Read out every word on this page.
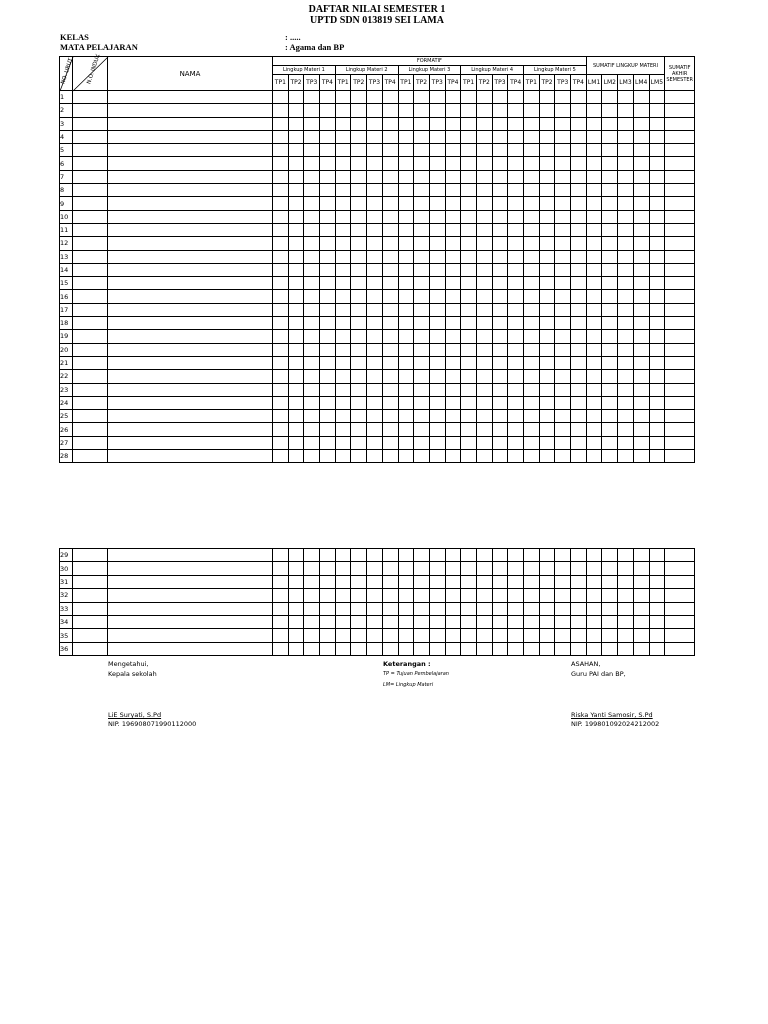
DAFTAR NILAI SEMESTER 1
UPTD SDN 013819 SEI LAMA
KELAS	: .....
MATA PELAJARAN	: Agama dan BP
NO. URUT	N.O. INDUK	NAMA	FORMATIF																				SUMATIF LINGKUP MATERI					SUMATIF AKHIR SEMESTER
			Lingkup Materi 1				Lingkup Materi 2				Lingkup Materi 3				Lingkup Materi 4				Lingkup Materi 5									
			TP1	TP2	TP3	TP4	TP1	TP2	TP3	TP4	TP1	TP2	TP3	TP4	TP1	TP2	TP3	TP4	TP1	TP2	TP3	TP4	LM1	LM2	LM3	LM4	LM5	
1																												
2																												
3																												
4																												
5																												
6																												
7																												
8																												
9																												
10																												
11																												
12																												
13																												
14																												
15																												
16																												
17																												
18																												
19																												
20																												
21																												
22																												
23																												
24																												
25																												
26																												
27																												
28																												
29																												
30																												
31																												
32																												
33																												
34																												
35																												
36																												
Mengetahui,
Kepala sekolah
LiE Suryati, S.Pd
NIP. 196908071990112000
Keterangan :
TP = Tujuan Pembelajaran
LM= Lingkup Materi
ASAHAN,
Guru PAI dan BP,
Riska Yanti Samosir, S.Pd
NIP. 199801092024212002
